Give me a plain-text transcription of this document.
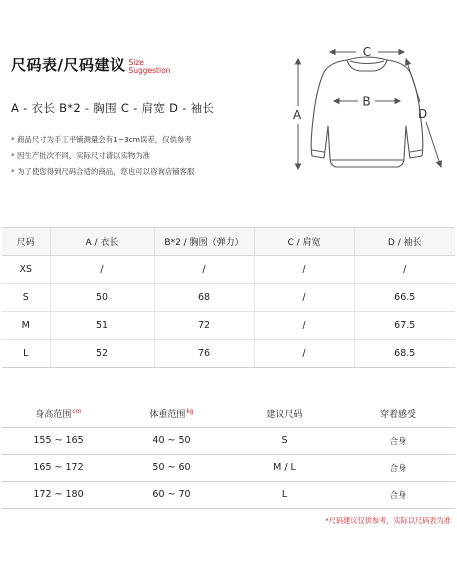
尺码表/尺码建议 Size
Suggestion
A - 衣长 B*2 - 胸围 C - 肩宽 D - 袖长
* 商品尺寸为手工平铺测量会有1~3cm误差，仅供参考
* 因生产批次不同，实际尺寸请以实物为准
* 为了使您得到尺码合适的商品，您也可以咨询店铺客服
C
B
A	D
尺码	A / 衣长	B*2 / 胸围（弹力）	C / 肩宽	D / 袖长
XS	/	/	/	/
S	50	68	/	66.5
M	51	72	/	67.5
L	52	76	/	68.5
身高范围$^{cm}$	体重范围$^{kg}$	建议尺码	穿着感受
155 ~ 165	40 ~ 50	S	合身
165 ~ 172	50 ~ 60	M / L	合身
172 ~ 180	60 ~ 70	L	合身
*尺码建议仅供参考，实际以尺码表为准
